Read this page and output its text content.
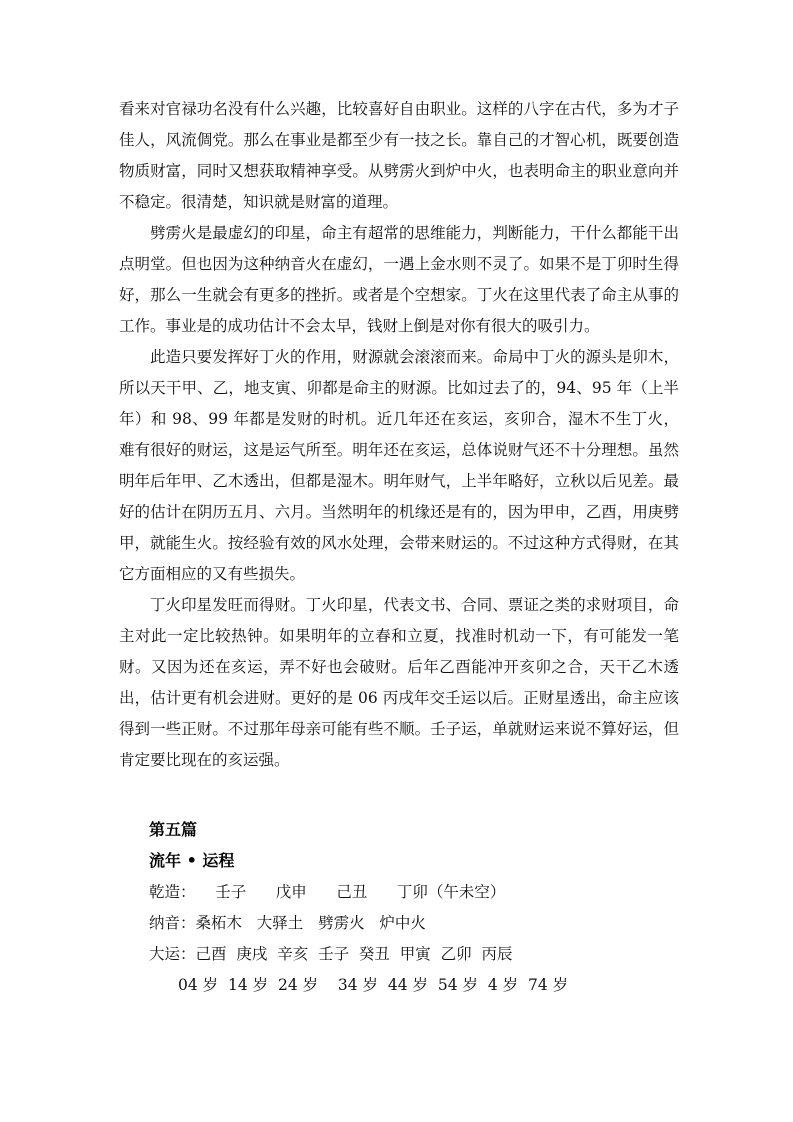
看来对官禄功名没有什么兴趣，比较喜好自由职业。这样的八字在古代，多为才子佳人，风流倜党。那么在事业是都至少有一技之长。靠自己的才智心机，既要创造物质财富，同时又想获取精神享受。从劈雳火到炉中火，也表明命主的职业意向并不稳定。很清楚，知识就是财富的道理。

劈雳火是最虚幻的印星，命主有超常的思维能力，判断能力，干什么都能干出点明堂。但也因为这种纳音火在虚幻，一遇上金水则不灵了。如果不是丁卯时生得好，那么一生就会有更多的挫折。或者是个空想家。丁火在这里代表了命主从事的工作。事业是的成功估计不会太早，钱财上倒是对你有很大的吸引力。

此造只要发挥好丁火的作用，财源就会滚滚而来。命局中丁火的源头是卯木，所以天干甲、乙，地支寅、卯都是命主的财源。比如过去了的，94、95 年（上半年）和 98、99 年都是发财的时机。近几年还在亥运，亥卯合，湿木不生丁火，难有很好的财运，这是运气所至。明年还在亥运，总体说财气还不十分理想。虽然明年后年甲、乙木透出，但都是湿木。明年财气，上半年略好，立秋以后见差。最好的估计在阴历五月、六月。当然明年的机缘还是有的，因为甲申，乙酉，用庚劈甲，就能生火。按经验有效的风水处理，会带来财运的。不过这种方式得财，在其它方面相应的又有些损失。

丁火印星发旺而得财。丁火印星，代表文书、合同、票证之类的求财项目，命主对此一定比较热钟。如果明年的立春和立夏，找准时机动一下，有可能发一笔财。又因为还在亥运，弄不好也会破财。后年乙酉能冲开亥卯之合，天干乙木透出，估计更有机会进财。更好的是 06 丙戌年交壬运以后。正财星透出，命主应该得到一些正财。不过那年母亲可能有些不顺。壬子运，单就财运来说不算好运，但肯定要比现在的亥运强。

第五篇
流年 • 运程
乾造：    壬子      戊申      己丑      丁卯（午未空）
纳音：桑柘木   大驿土   劈雳火   炉中火
大运：己酉  庚戌  辛亥  壬子  癸丑  甲寅  乙卯  丙辰
04 岁  14 岁  24 岁    34 岁  44 岁  54 岁  4 岁  74 岁
